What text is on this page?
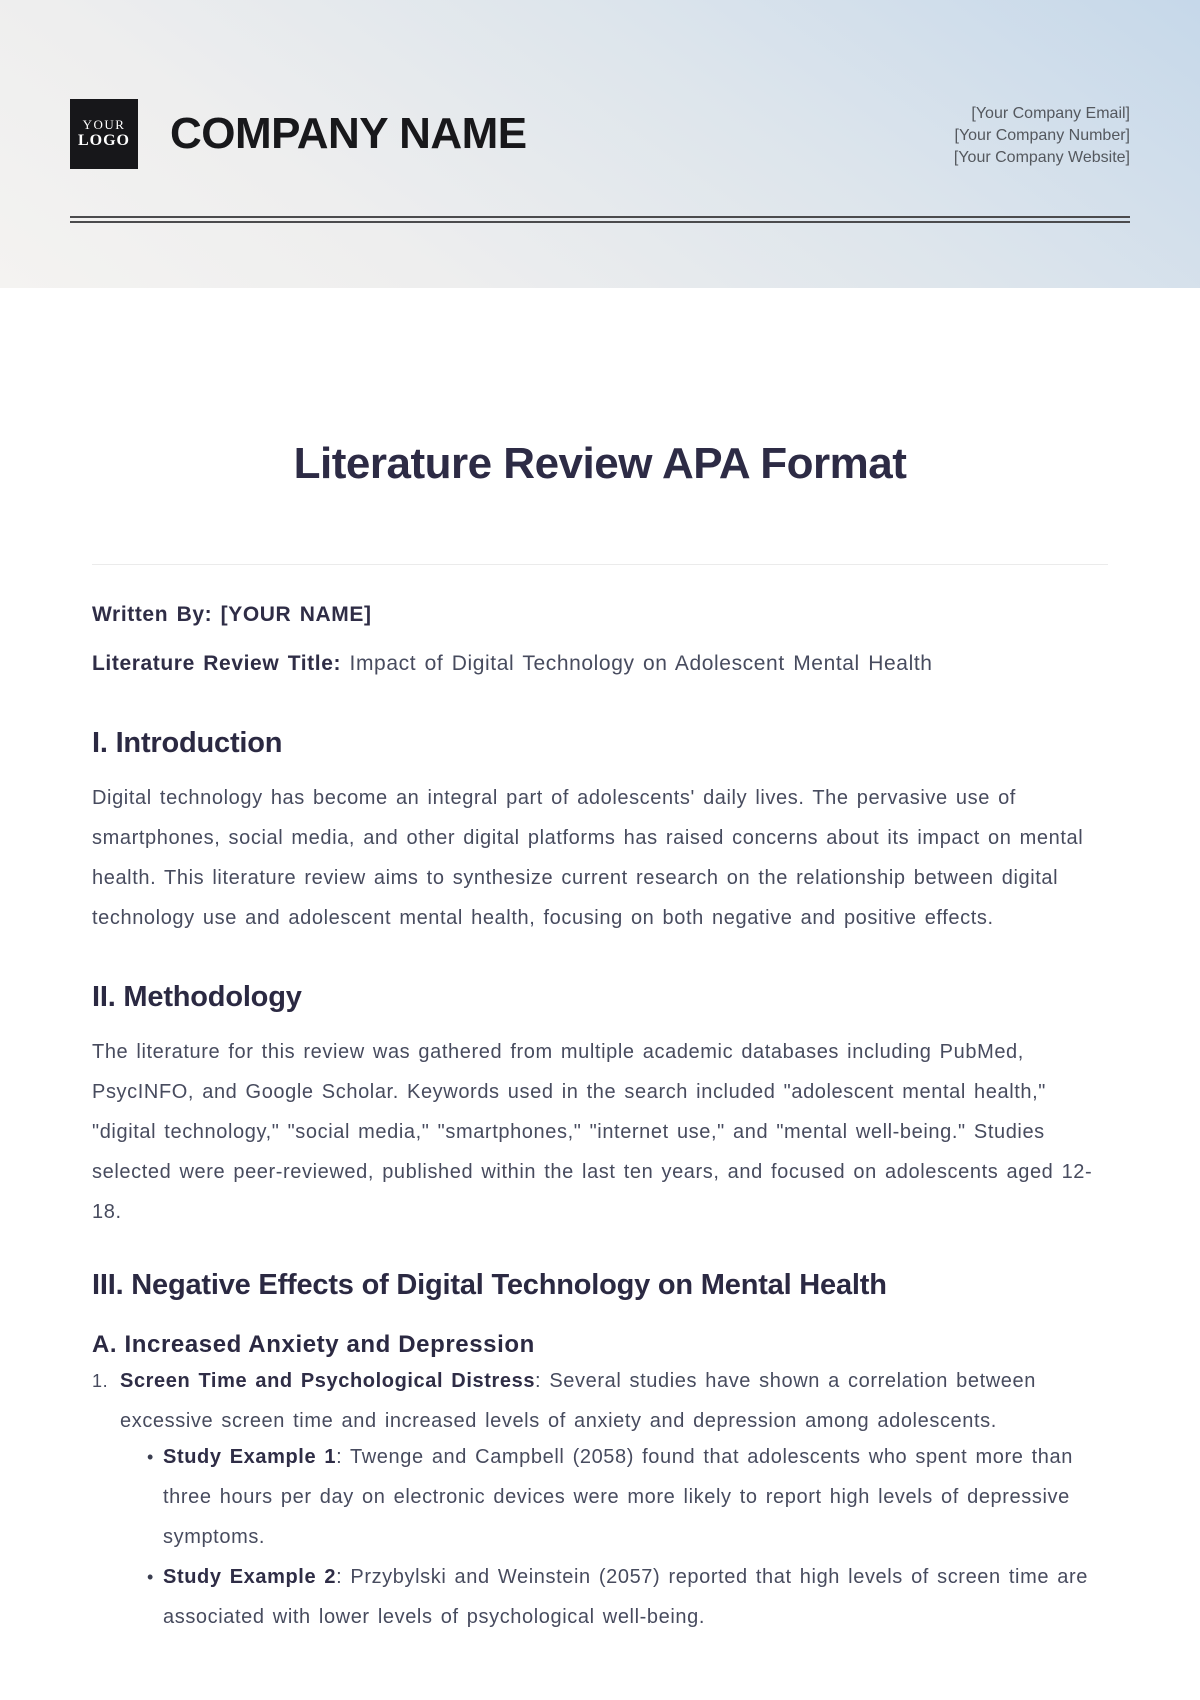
YOUR
LOGO COMPANY NAME	[Your Company Email]
[Your Company Number]
[Your Company Website]
Literature Review APA Format
Written By: [YOUR NAME]
Literature Review Title: Impact of Digital Technology on Adolescent Mental Health
I. Introduction

Digital technology has become an integral part of adolescents' daily lives. The pervasive use of smartphones, social media, and other digital platforms has raised concerns about its impact on mental health. This literature review aims to synthesize current research on the relationship between digital technology use and adolescent mental health, focusing on both negative and positive effects.

II. Methodology

The literature for this review was gathered from multiple academic databases including PubMed, PsycINFO, and Google Scholar. Keywords used in the search included "adolescent mental health," "digital technology," "social media," "smartphones," "internet use," and "mental well-being." Studies selected were peer-reviewed, published within the last ten years, and focused on adolescents aged 12-18.

III. Negative Effects of Digital Technology on Mental Health
A. Increased Anxiety and Depression
1. Screen Time and Psychological Distress: Several studies have shown a correlation between excessive screen time and increased levels of anxiety and depression among adolescents.
• Study Example 1: Twenge and Campbell (2058) found that adolescents who spent more than three hours per day on electronic devices were more likely to report high levels of depressive symptoms.
• Study Example 2: Przybylski and Weinstein (2057) reported that high levels of screen time are associated with lower levels of psychological well-being.
